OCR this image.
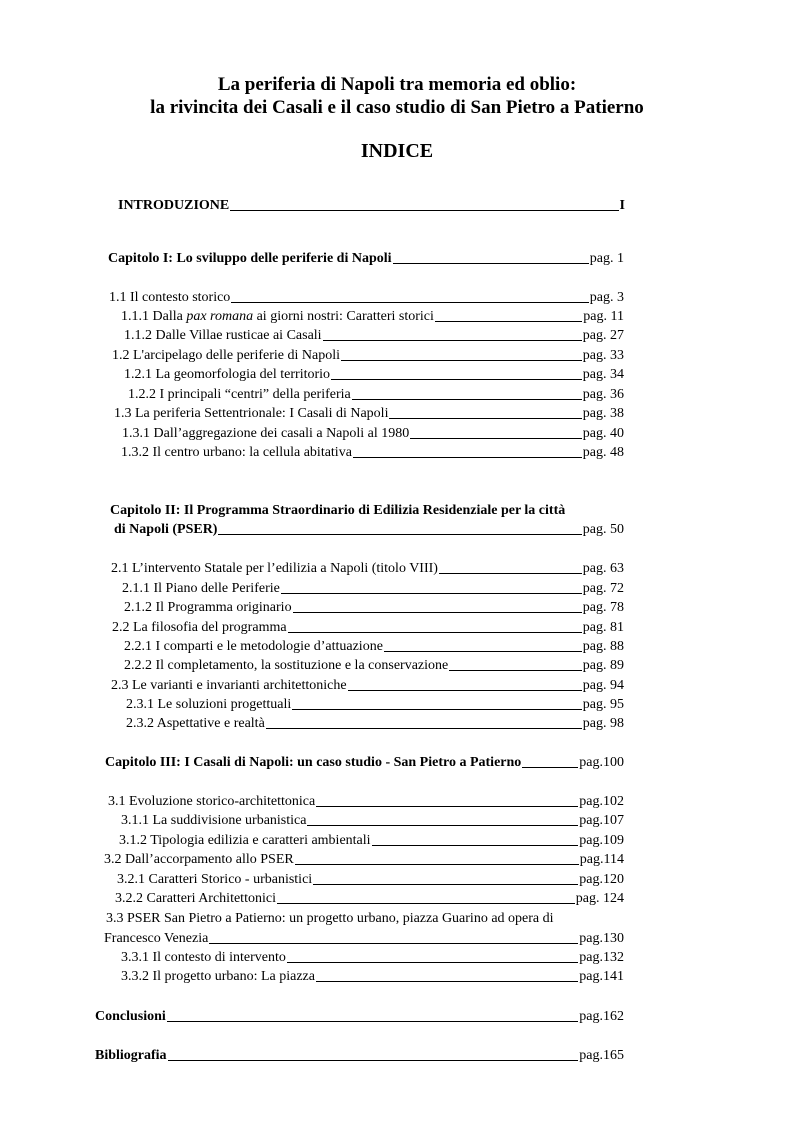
La periferia di Napoli tra memoria ed oblio:
la rivincita dei Casali e il caso studio di San Pietro a Patierno
INDICE
INTRODUZIONE	I
Capitolo I: Lo sviluppo delle periferie di Napoli	pag. 1
1.1 Il contesto storico	pag. 3
1.1.1 Dalla pax romana ai giorni nostri: Caratteri storici	pag. 11
1.1.2 Dalle Villae rusticae ai Casali	pag. 27
1.2 L'arcipelago delle periferie di Napoli	pag. 33
1.2.1 La geomorfologia del territorio	pag. 34
1.2.2 I principali “centri” della periferia	pag. 36
1.3 La periferia Settentrionale: I Casali di Napoli	pag. 38
1.3.1 Dall’aggregazione dei casali a Napoli al 1980	pag. 40
1.3.2 Il centro urbano: la cellula abitativa	pag. 48
Capitolo II: Il Programma Straordinario di Edilizia Residenziale per la città
di Napoli (PSER)	pag. 50
2.1 L’intervento Statale per l’edilizia a Napoli (titolo VIII)	pag. 63
2.1.1 Il Piano delle Periferie	pag. 72
2.1.2 Il Programma originario	pag. 78
2.2 La filosofia del programma	pag. 81
2.2.1 I comparti e le metodologie d’attuazione	pag. 88
2.2.2 Il completamento, la sostituzione e la conservazione	pag. 89
2.3 Le varianti e invarianti architettoniche	pag. 94
2.3.1 Le soluzioni progettuali	pag. 95
2.3.2 Aspettative e realtà	pag. 98
Capitolo III: I Casali di Napoli: un caso studio - San Pietro a Patierno	pag.100
3.1 Evoluzione storico-architettonica	pag.102
3.1.1 La suddivisione urbanistica	pag.107
3.1.2 Tipologia edilizia e caratteri ambientali	pag.109
3.2 Dall’accorpamento allo PSER	pag.114
3.2.1 Caratteri Storico - urbanistici	pag.120
3.2.2 Caratteri Architettonici	pag. 124
3.3 PSER San Pietro a Patierno: un progetto urbano, piazza Guarino ad opera di
Francesco Venezia	pag.130
3.3.1 Il contesto di intervento	pag.132
3.3.2 Il progetto urbano: La piazza	pag.141
Conclusioni	pag.162
Bibliografia	pag.165
